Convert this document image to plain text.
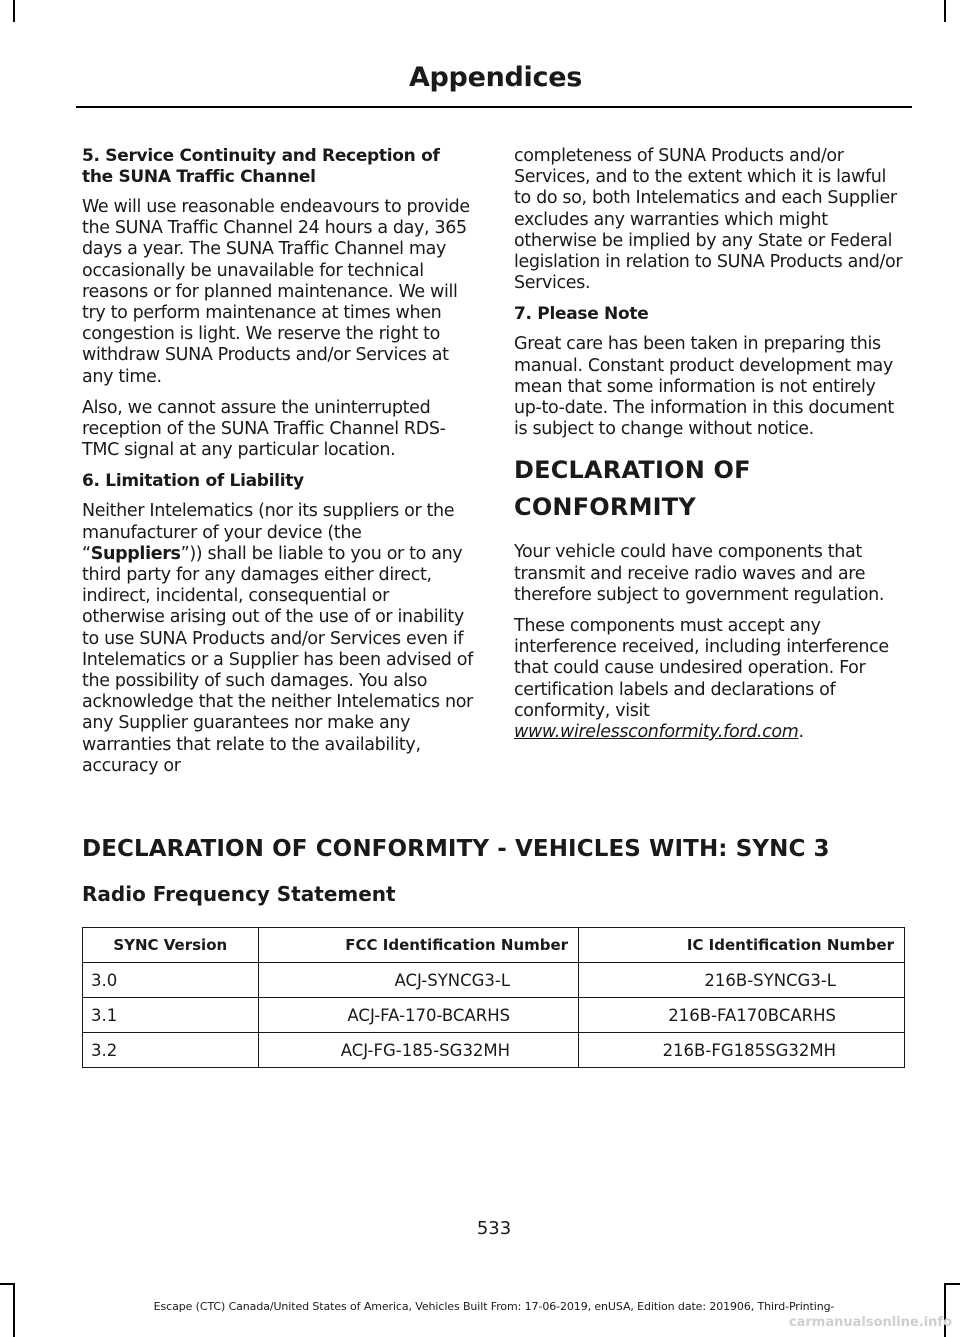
Appendices
5. Service Continuity and Reception of the SUNA Traffic Channel

We will use reasonable endeavours to provide the SUNA Traffic Channel 24 hours a day, 365 days a year. The SUNA Traffic Channel may occasionally be unavailable for technical reasons or for planned maintenance. We will try to perform maintenance at times when congestion is light. We reserve the right to withdraw SUNA Products and/or Services at any time.

Also, we cannot assure the uninterrupted reception of the SUNA Traffic Channel RDS-TMC signal at any particular location.

6. Limitation of Liability

Neither Intelematics (nor its suppliers or the manufacturer of your device (the “Suppliers”)) shall be liable to you or to any third party for any damages either direct, indirect, incidental, consequential or otherwise arising out of the use of or inability to use SUNA Products and/or Services even if Intelematics or a Supplier has been advised of the possibility of such damages. You also acknowledge that the neither Intelematics nor any Supplier guarantees nor make any warranties that relate to the availability, accuracy or

completeness of SUNA Products and/or Services, and to the extent which it is lawful to do so, both Intelematics and each Supplier excludes any warranties which might otherwise be implied by any State or Federal legislation in relation to SUNA Products and/or Services.

7. Please Note

Great care has been taken in preparing this manual. Constant product development may mean that some information is not entirely up-to-date. The information in this document is subject to change without notice.

DECLARATION OF
CONFORMITY

Your vehicle could have components that transmit and receive radio waves and are therefore subject to government regulation.

These components must accept any interference received, including interference that could cause undesired operation. For certification labels and declarations of conformity, visit www.wirelessconformity.ford.com.

DECLARATION OF CONFORMITY - VEHICLES WITH: SYNC 3
Radio Frequency Statement
SYNC Version	FCC Identification Number	IC Identification Number
3.0	ACJ-SYNCG3-L	216B-SYNCG3-L
3.1	ACJ-FA-170-BCARHS	216B-FA170BCARHS
3.2	ACJ-FG-185-SG32MH	216B-FG185SG32MH
533
Escape (CTC) Canada/United States of America, Vehicles Built From: 17-06-2019, enUSA, Edition date: 201906, Third-Printing-
carmanualsonline.info
